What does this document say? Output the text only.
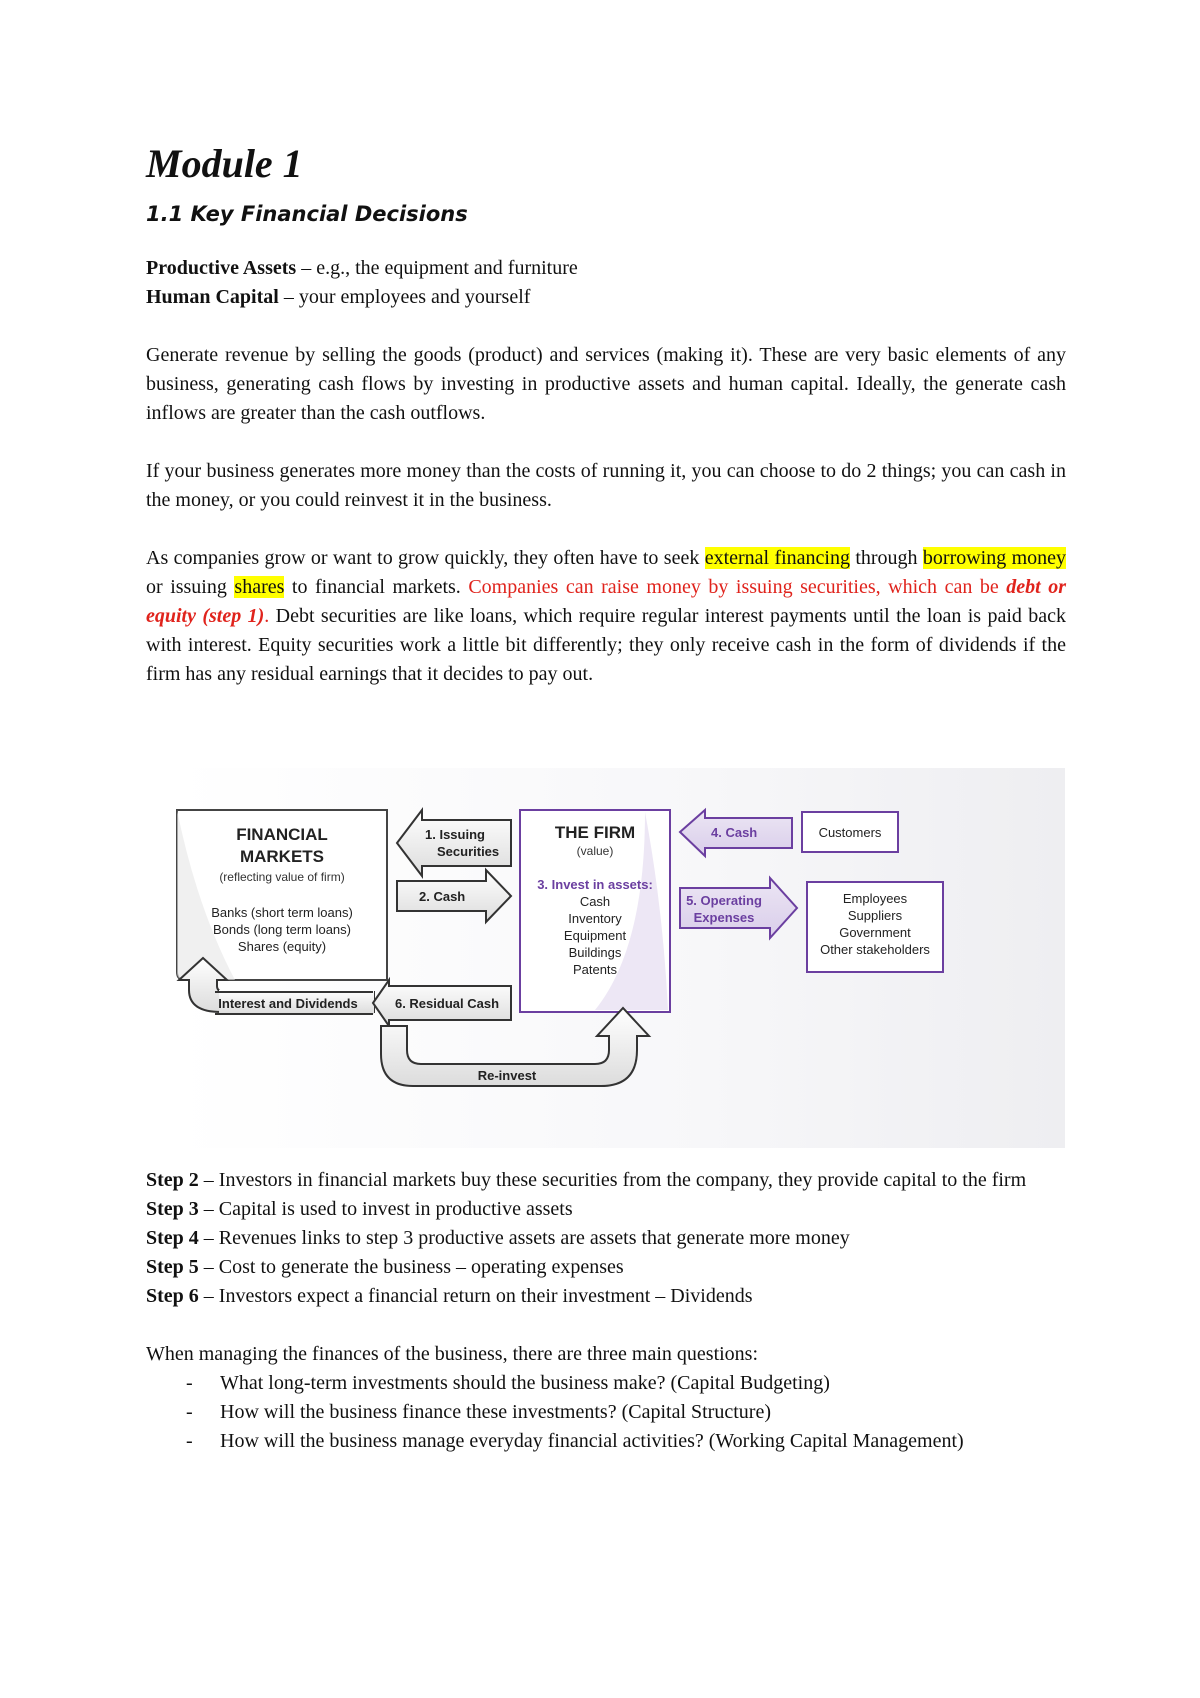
Module 1
1.1 Key Financial Decisions

Productive Assets – e.g., the equipment and furniture

Human Capital – your employees and yourself

Generate revenue by selling the goods (product) and services (making it). These are very basic elements of any business, generating cash flows by investing in productive assets and human capital. Ideally, the generate cash inflows are greater than the cash outflows.

If your business generates more money than the costs of running it, you can choose to do 2 things; you can cash in the money, or you could reinvest it in the business.

As companies grow or want to grow quickly, they often have to seek external financing through borrowing money or issuing shares to financial markets. Companies can raise money by issuing securities, which can be debt or equity (step 1). Debt securities are like loans, which require regular interest payments until the loan is paid back with interest. Equity securities work a little bit differently; they only receive cash in the form of dividends if the firm has any residual earnings that it decides to pay out.

FINANCIAL
MARKETS
(reflecting value of firm)
Banks (short term loans)
Bonds (long term loans)
Shares (equity)
1. Issuing
Securities
2. Cash
THE FIRM
(value)
3. Invest in assets:
Cash
Inventory
Equipment
Buildings
Patents
4. Cash	Customers
5. Operating
Expenses
Employees
Suppliers
Government
Other stakeholders
Interest and Dividends	6. Residual Cash
Re-invest

Step 2 – Investors in financial markets buy these securities from the company, they provide capital to the firm

Step 3 – Capital is used to invest in productive assets

Step 4 – Revenues links to step 3 productive assets are assets that generate more money

Step 5 – Cost to generate the business – operating expenses

Step 6 – Investors expect a financial return on their investment – Dividends

When managing the finances of the business, there are three main questions:

- What long-term investments should the business make? (Capital Budgeting)
- How will the business finance these investments? (Capital Structure)
- How will the business manage everyday financial activities? (Working Capital Management)
